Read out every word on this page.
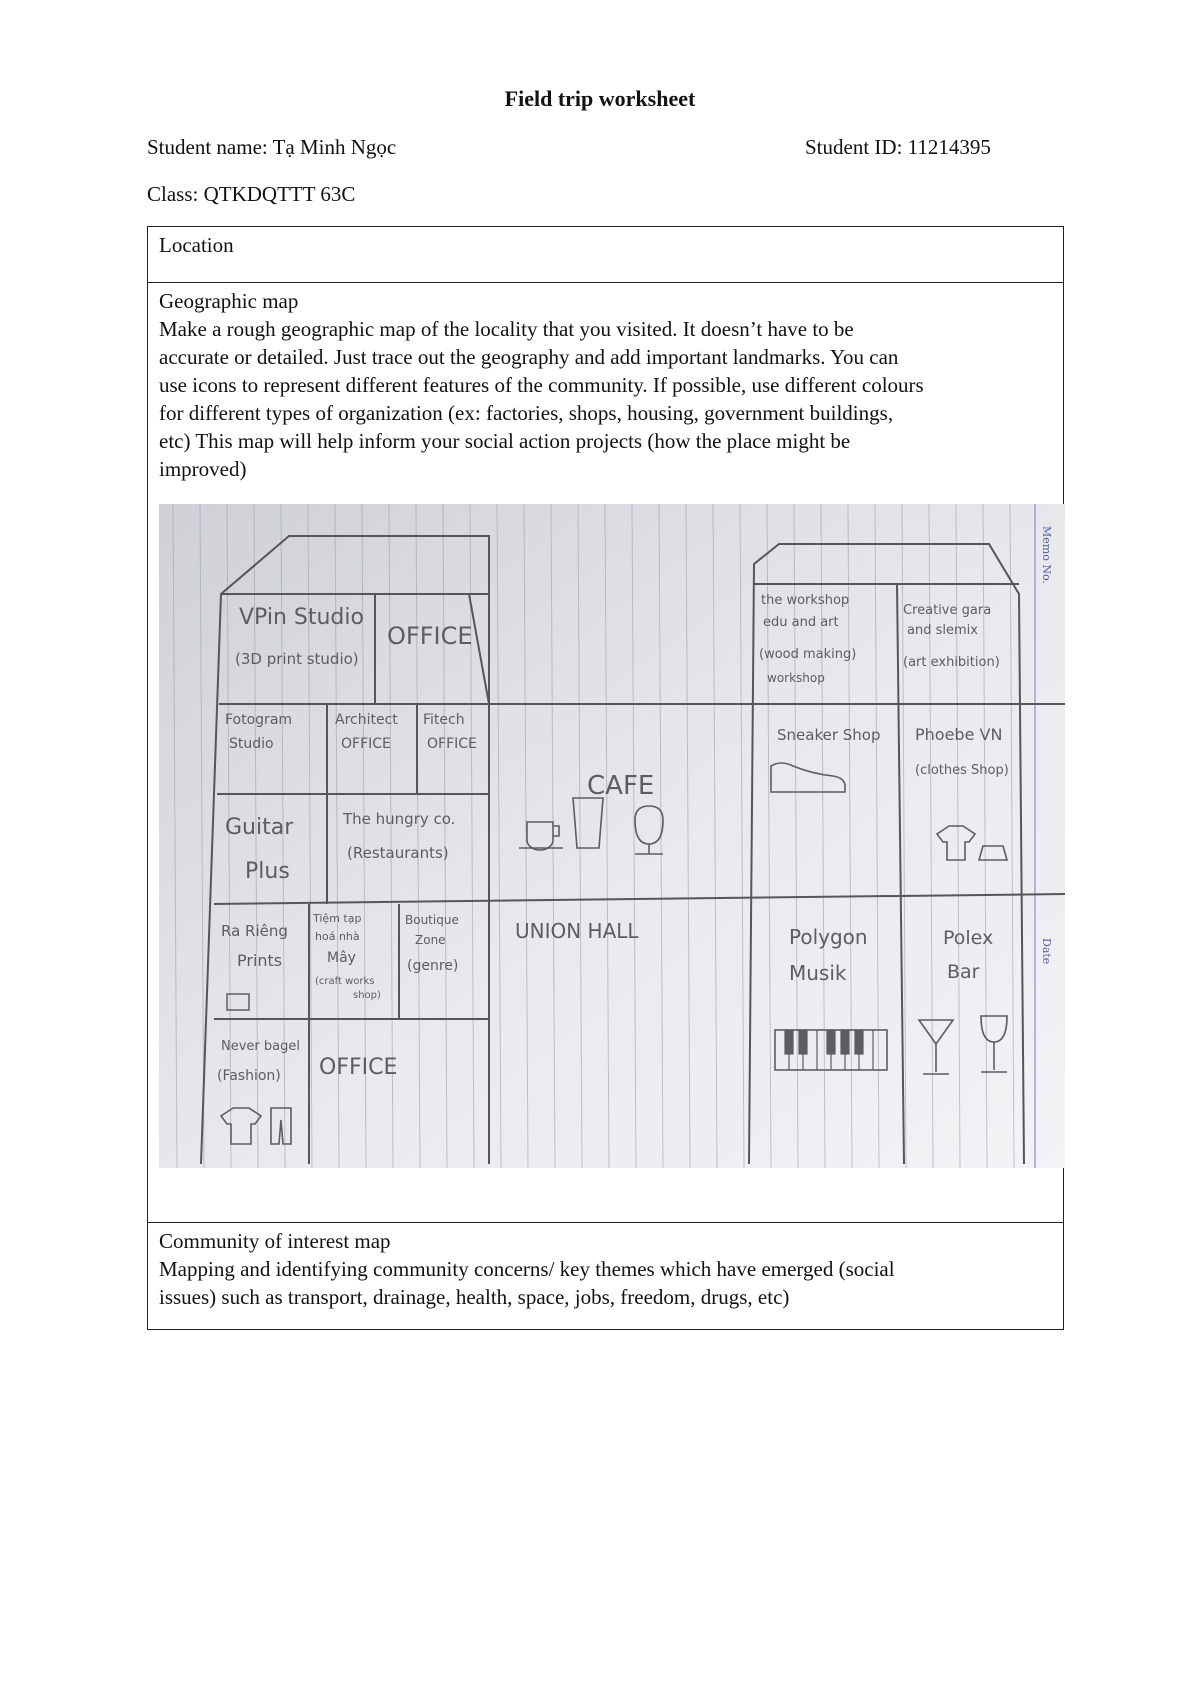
Field trip worksheet
Student name: Tạ Minh Ngọc	Student ID: 11214395
Class: QTKDQTTT 63C
Location
Geographic map
Make a rough geographic map of the locality that you visited. It doesn’t have to be
accurate or detailed. Just trace out the geography and add important landmarks. You can
use icons to represent different features of the community. If possible, use different colours
for different types of organization (ex: factories, shops, housing, government buildings,
etc) This map will help inform your social action projects (how the place might be
improved)
Memo No.
Date
VPin Studio
(3D print studio)
OFFICE
Fotogram
Studio
Architect
OFFICE
Fitech
OFFICE
Guitar
Plus
The hungry co.
(Restaurants)
Ra Riêng
Prints
Tiệm tạp
hoá nhà
Mây
(craft works
shop)
Boutique
Zone
(genre)
Never bagel
(Fashion) OFFICE
CAFE
UNION HALL
the workshop
edu and art
(wood making)
workshop
Creative gara
and slemix
(art exhibition)
Sneaker Shop Phoebe VN
(clothes Shop)
Polygon
Musik
Polex
Bar
Community of interest map
Mapping and identifying community concerns/ key themes which have emerged (social
issues) such as transport, drainage, health, space, jobs, freedom, drugs, etc)
